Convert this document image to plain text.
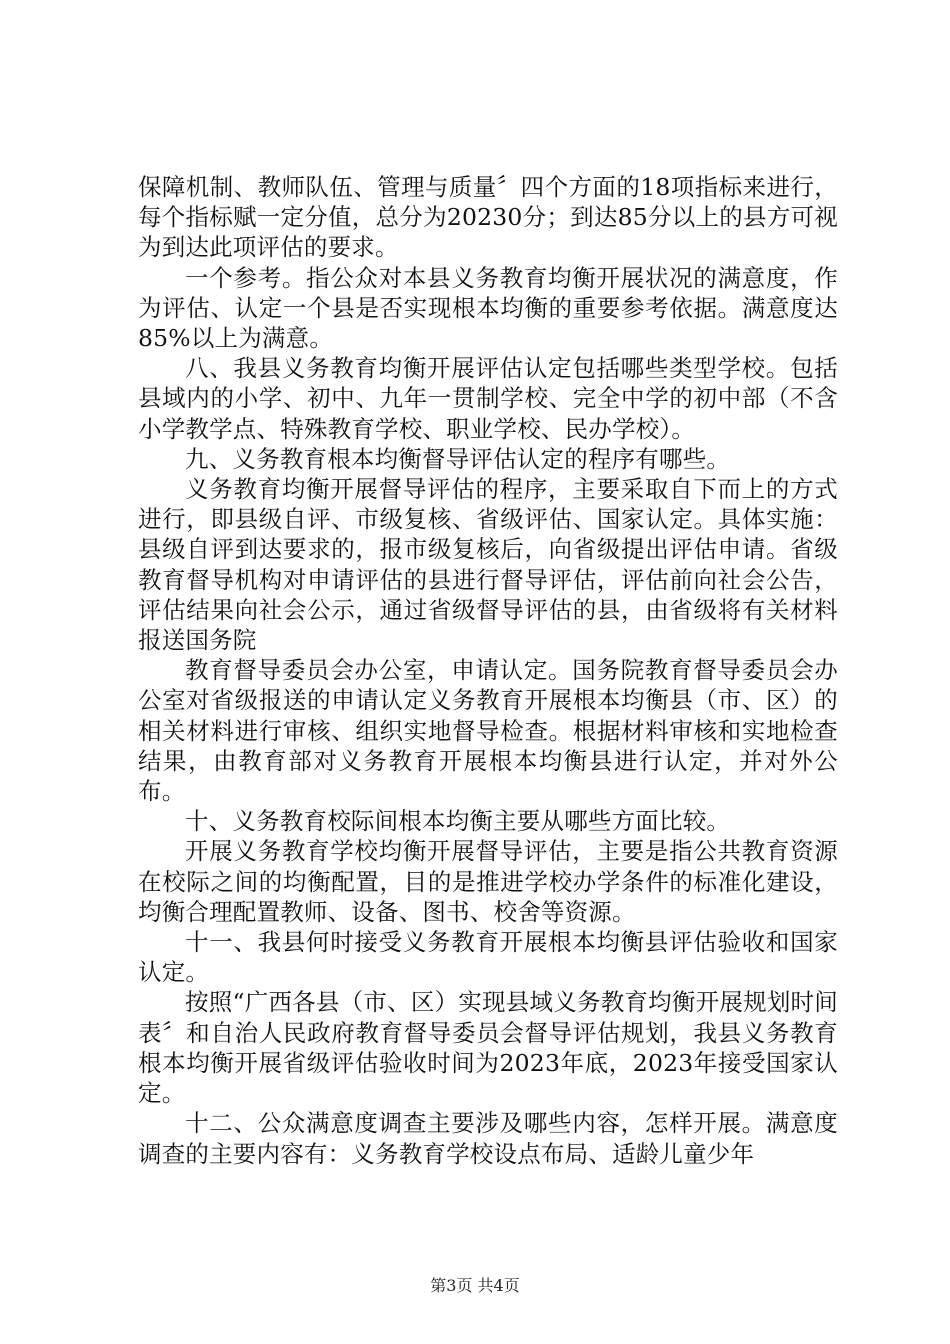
保障机制、教师队伍、管理与质量〞四个方面的18项指标来进行，每个指标赋一定分值，总分为20230分；到达85分以上的县方可视为到达此项评估的要求。

一个参考。指公众对本县义务教育均衡开展状况的满意度，作为评估、认定一个县是否实现根本均衡的重要参考依据。满意度达85%以上为满意。

八、我县义务教育均衡开展评估认定包括哪些类型学校。包括县域内的小学、初中、九年一贯制学校、完全中学的初中部（不含小学教学点、特殊教育学校、职业学校、民办学校）。

九、义务教育根本均衡督导评估认定的程序有哪些。

义务教育均衡开展督导评估的程序，主要采取自下而上的方式进行，即县级自评、市级复核、省级评估、国家认定。具体实施：县级自评到达要求的，报市级复核后，向省级提出评估申请。省级教育督导机构对申请评估的县进行督导评估，评估前向社会公告，评估结果向社会公示，通过省级督导评估的县，由省级将有关材料报送国务院

教育督导委员会办公室，申请认定。国务院教育督导委员会办公室对省级报送的申请认定义务教育开展根本均衡县（市、区）的相关材料进行审核、组织实地督导检查。根据材料审核和实地检查结果，由教育部对义务教育开展根本均衡县进行认定，并对外公布。

十、义务教育校际间根本均衡主要从哪些方面比较。

开展义务教育学校均衡开展督导评估，主要是指公共教育资源在校际之间的均衡配置，目的是推进学校办学条件的标准化建设，均衡合理配置教师、设备、图书、校舍等资源。

十一、我县何时接受义务教育开展根本均衡县评估验收和国家认定。

按照“广西各县（市、区）实现县域义务教育均衡开展规划时间表〞和自治人民政府教育督导委员会督导评估规划，我县义务教育根本均衡开展省级评估验收时间为2023年底，2023年接受国家认定。

十二、公众满意度调查主要涉及哪些内容，怎样开展。满意度调查的主要内容有：义务教育学校设点布局、适龄儿童少年

第3页 共4页
